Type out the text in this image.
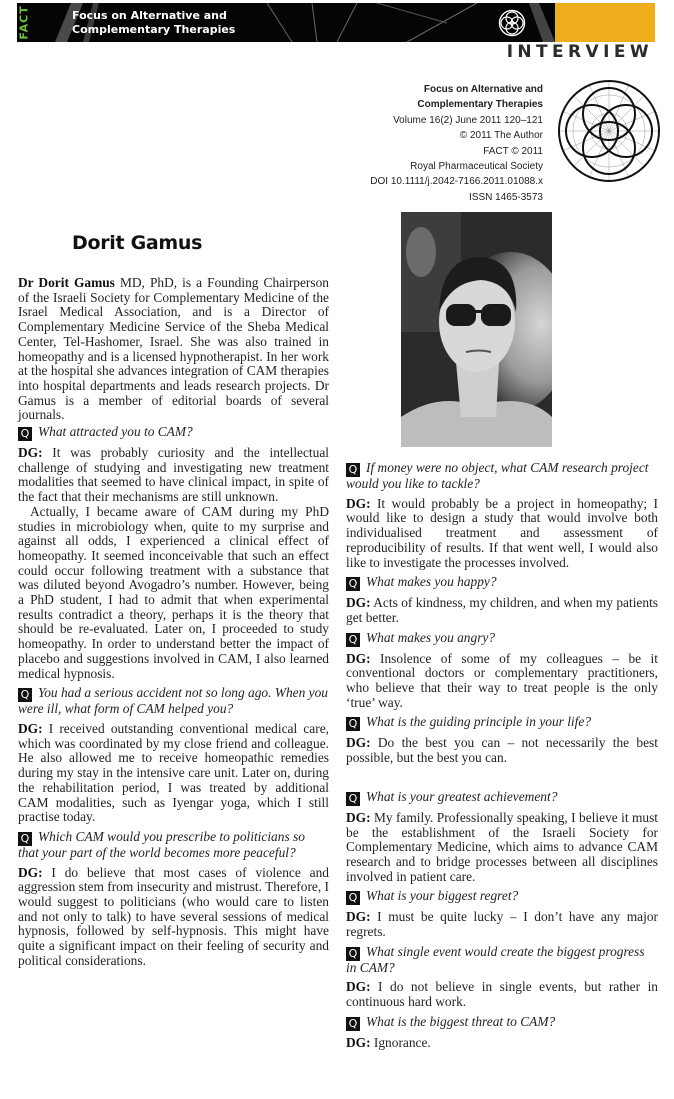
FACT	Focus on Alternative and
Complementary Therapies
INTERVIEW
Focus on Alternative and
Complementary Therapies
Volume 16(2) June 2011 120–121
© 2011 The Author
FACT © 2011
Royal Pharmaceutical Society
DOI 10.1111/j.2042-7166.2011.01088.x
ISSN 1465-3573
Dorit Gamus

Dr Dorit Gamus MD, PhD, is a Founding Chairperson of the Israeli Society for Complementary Medicine of the Israel Medical Association, and is a Director of Complementary Medicine Service of the Sheba Medical Center, Tel-Hashomer, Israel. She was also trained in homeopathy and is a licensed hypnotherapist. In her work at the hospital she advances integration of CAM therapies into hospital departments and leads research projects. Dr Gamus is a member of editorial boards of several journals.

Q What attracted you to CAM?

DG: It was probably curiosity and the intellectual challenge of studying and investigating new treatment modalities that seemed to have clinical impact, in spite of the fact that their mechanisms are still unknown.

Actually, I became aware of CAM during my PhD studies in microbiology when, quite to my surprise and against all odds, I experienced a clinical effect of homeopathy. It seemed inconceivable that such an effect could occur following treatment with a substance that was diluted beyond Avogadro’s number. However, being a PhD student, I had to admit that when experimental results contradict a theory, perhaps it is the theory that should be re-evaluated. Later on, I proceeded to study homeopathy. In order to understand better the impact of placebo and suggestions involved in CAM, I also learned medical hypnosis.

Q You had a serious accident not so long ago. When you were ill, what form of CAM helped you?

DG: I received outstanding conventional medical care, which was coordinated by my close friend and colleague. He also allowed me to receive homeopathic remedies during my stay in the intensive care unit. Later on, during the rehabilitation period, I was treated by additional CAM modalities, such as Iyengar yoga, which I still practise today.

Q Which CAM would you prescribe to politicians so that your part of the world becomes more peaceful?

DG: I do believe that most cases of violence and aggression stem from insecurity and mistrust. Therefore, I would suggest to politicians (who would care to listen and not only to talk) to have several sessions of medical hypnosis, followed by self-hypnosis. This might have quite a significant impact on their feeling of security and political considerations.

Q If money were no object, what CAM research project would you like to tackle?

DG: It would probably be a project in homeopathy; I would like to design a study that would involve both individualised treatment and assessment of reproducibility of results. If that went well, I would also like to investigate the processes involved.

Q What makes you happy?

DG: Acts of kindness, my children, and when my patients get better.

Q What makes you angry?

DG: Insolence of some of my colleagues – be it conventional doctors or complementary practitioners, who believe that their way to treat people is the only ‘true’ way.

Q What is the guiding principle in your life?

DG: Do the best you can – not necessarily the best possible, but the best you can.

Q What is your greatest achievement?

DG: My family. Professionally speaking, I believe it must be the establishment of the Israeli Society for Complementary Medicine, which aims to advance CAM research and to bridge processes between all disciplines involved in patient care.

Q What is your biggest regret?

DG: I must be quite lucky – I don’t have any major regrets.

Q What single event would create the biggest progress in CAM?

DG: I do not believe in single events, but rather in continuous hard work.

Q What is the biggest threat to CAM?

DG: Ignorance.
